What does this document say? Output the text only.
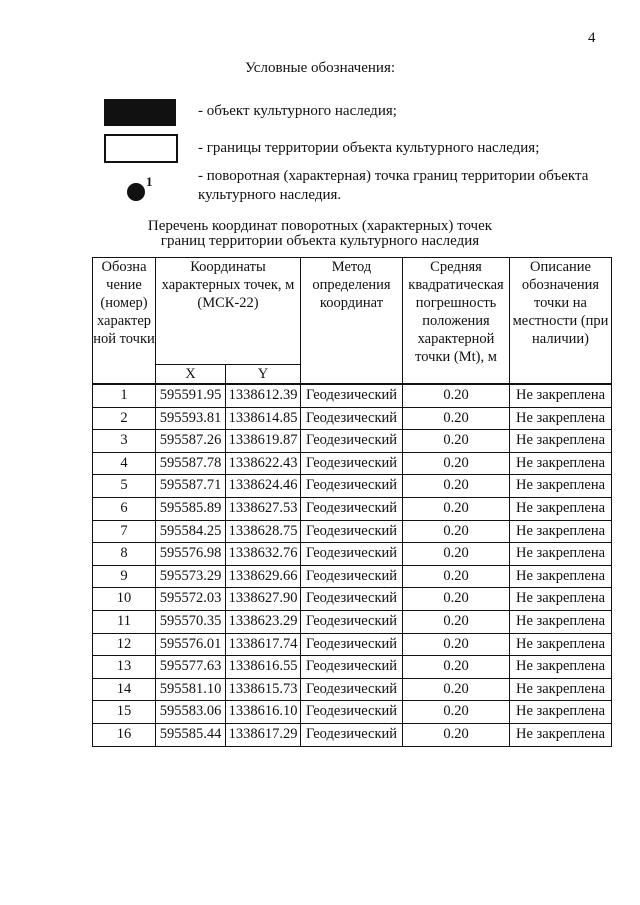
4
Условные обозначения:
- объект культурного наследия;
- границы территории объекта культурного наследия;
1	- поворотная (характерная) точка границ территории объекта культурного наследия.
Перечень координат поворотных (характерных) точек
границ территории объекта культурного наследия
Обозна чение (номер) характер ной точки	Координаты характерных точек, м (МСК-22)		Метод определения координат	Средняя квадратическая погрешность положения характерной точки (Mt), м	Описание обозначения точки на местности (при наличии)
	X	Y			
1	595591.95	1338612.39	Геодезический	0.20	Не закреплена
2	595593.81	1338614.85	Геодезический	0.20	Не закреплена
3	595587.26	1338619.87	Геодезический	0.20	Не закреплена
4	595587.78	1338622.43	Геодезический	0.20	Не закреплена
5	595587.71	1338624.46	Геодезический	0.20	Не закреплена
6	595585.89	1338627.53	Геодезический	0.20	Не закреплена
7	595584.25	1338628.75	Геодезический	0.20	Не закреплена
8	595576.98	1338632.76	Геодезический	0.20	Не закреплена
9	595573.29	1338629.66	Геодезический	0.20	Не закреплена
10	595572.03	1338627.90	Геодезический	0.20	Не закреплена
11	595570.35	1338623.29	Геодезический	0.20	Не закреплена
12	595576.01	1338617.74	Геодезический	0.20	Не закреплена
13	595577.63	1338616.55	Геодезический	0.20	Не закреплена
14	595581.10	1338615.73	Геодезический	0.20	Не закреплена
15	595583.06	1338616.10	Геодезический	0.20	Не закреплена
16	595585.44	1338617.29	Геодезический	0.20	Не закреплена
